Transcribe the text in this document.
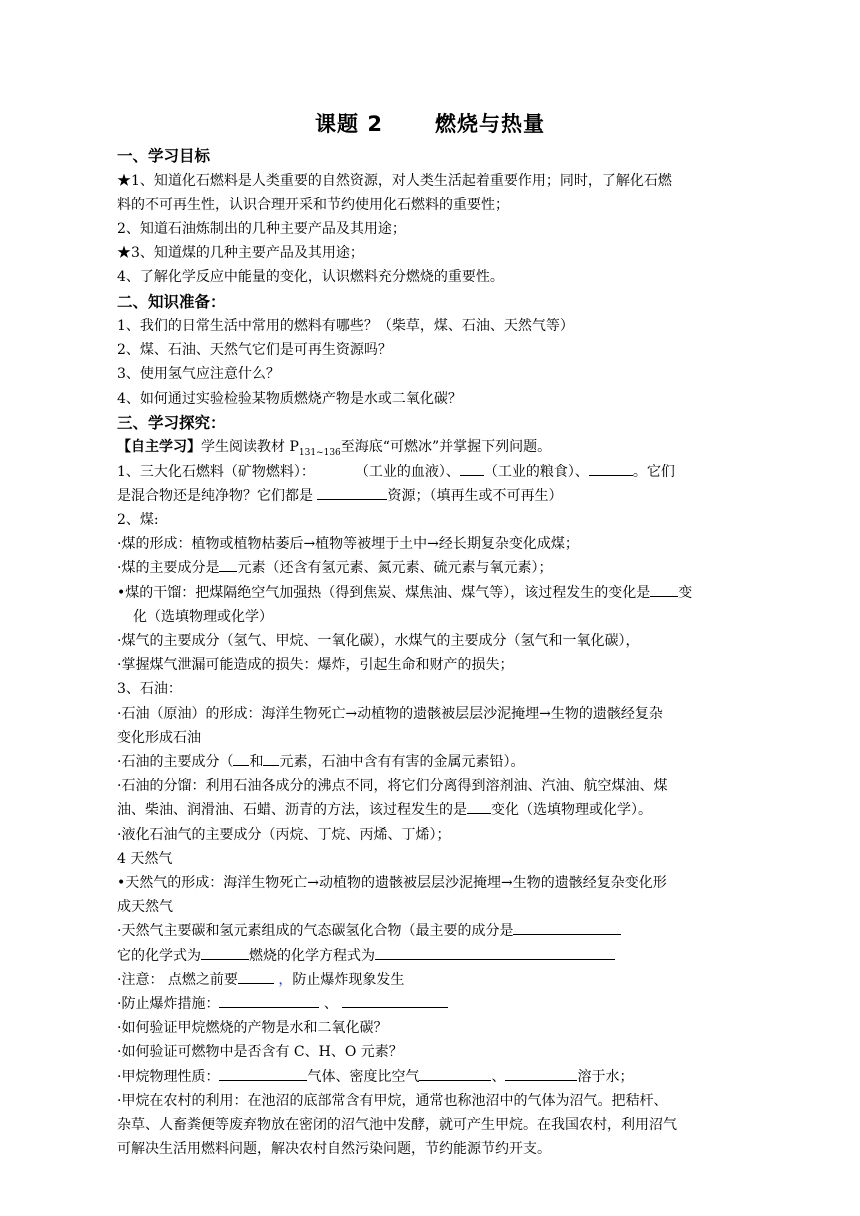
课题 2 燃烧与热量
一、学习目标

★1、知道化石燃料是人类重要的自然资源，对人类生活起着重要作用；同时，了解化石燃

料的不可再生性，认识合理开采和节约使用化石燃料的重要性；

2、知道石油炼制出的几种主要产品及其用途；

★3、知道煤的几种主要产品及其用途；

4、了解化学反应中能量的变化，认识燃料充分燃烧的重要性。

二、知识准备：

1、我们的日常生活中常用的燃料有哪些？（柴草，煤、石油、天然气等）

2、煤、石油、天然气它们是可再生资源吗？

3、使用氢气应注意什么？

4、如何通过实验检验某物质燃烧产物是水或二氧化碳？

三、学习探究：

【自主学习】学生阅读教材 $P_{131\sim 136}$至海底“可燃冰”并掌握下列问题。

1、三大化石燃料（矿物燃料）：	（工业的血液）、 （工业的粮食）、	。它们

是混合物还是纯净物？它们都是	资源；（填再生或不可再生）

2、煤:

·煤的形成：植物或植物枯萎后→植物等被埋于土中→经长期复杂变化成煤；

·煤的主要成分是 元素（还含有氢元素、氮元素、硫元素与氧元素）；

•煤的干馏：把煤隔绝空气加强热（得到焦炭、煤焦油、煤气等），该过程发生的变化是 变

化（选填物理或化学）

·煤气的主要成分（氢气、甲烷、一氧化碳），水煤气的主要成分（氢气和一氧化碳），

·掌握煤气泄漏可能造成的损失：爆炸，引起生命和财产的损失；

3、石油：

·石油（原油）的形成：海洋生物死亡→动植物的遗骸被层层沙泥掩埋→生物的遗骸经复杂

变化形成石油

·石油的主要成分（ 和 元素，石油中含有有害的金属元素铅）。

·石油的分馏：利用石油各成分的沸点不同，将它们分离得到溶剂油、汽油、航空煤油、煤

油、柴油、润滑油、石蜡、沥青的方法，该过程发生的是 变化（选填物理或化学）。

·液化石油气的主要成分（丙烷、丁烷、丙烯、丁烯）；

4 天然气

•天然气的形成：海洋生物死亡→动植物的遗骸被层层沙泥掩埋→生物的遗骸经复杂变化形

成天然气

·天然气主要碳和氢元素组成的气态碳氢化合物（最主要的成分是

它的化学式为	燃烧的化学方程式为

·注意： 点燃之前要	，防止爆炸现象发生

·防止爆炸措施：	、

·如何验证甲烷燃烧的产物是水和二氧化碳？

·如何验证可燃物中是否含有 C、H、O 元素？

·甲烷物理性质：	气体、密度比空气	、	溶于水；

·甲烷在农村的利用：在池沼的底部常含有甲烷，通常也称池沼中的气体为沼气。把秸杆、

杂草、人畜粪便等废弃物放在密闭的沼气池中发酵，就可产生甲烷。在我国农村，利用沼气

可解决生活用燃料问题，解决农村自然污染问题，节约能源节约开支。
